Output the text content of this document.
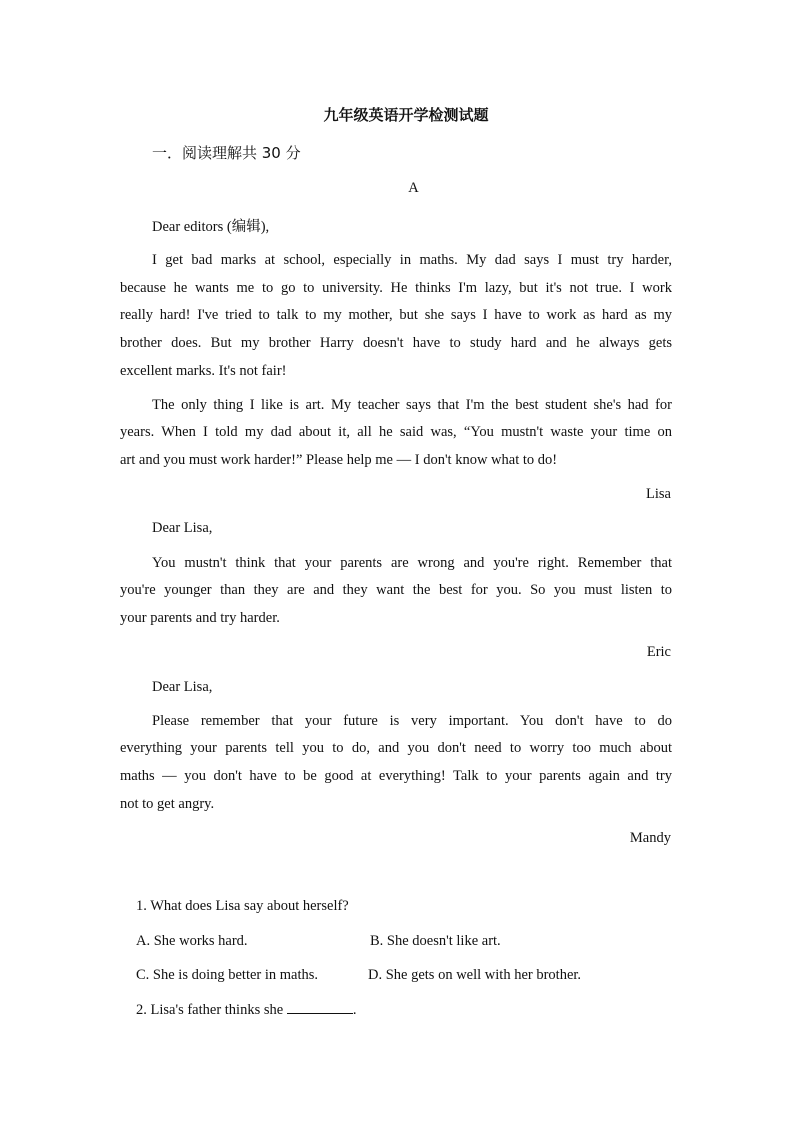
九年级英语开学检测试题
一．阅读理解共 30 分
A
Dear editors (编辑),
I get bad marks at school, especially in maths. My dad says I must try harder,
because he wants me to go to university. He thinks I'm lazy, but it's not true. I work
really hard! I've tried to talk to my mother, but she says I have to work as hard as my
brother does. But my brother Harry doesn't have to study hard and he always gets
excellent marks. It's not fair!
The only thing I like is art. My teacher says that I'm the best student she's had for
years. When I told my dad about it, all he said was, “You mustn't waste your time on
art and you must work harder!” Please help me — I don't know what to do!
Lisa
Dear Lisa,
You mustn't think that your parents are wrong and you're right. Remember that
you're younger than they are and they want the best for you. So you must listen to
your parents and try harder.
Eric
Dear Lisa,
Please remember that your future is very important. You don't have to do
everything your parents tell you to do, and you don't need to worry too much about
maths — you don't have to be good at everything! Talk to your parents again and try
not to get angry.
Mandy
1. What does Lisa say about herself?
A. She works hard.	B. She doesn't like art.
C. She is doing better in maths.	D. She gets on well with her brother.
2. Lisa's father thinks she	.
